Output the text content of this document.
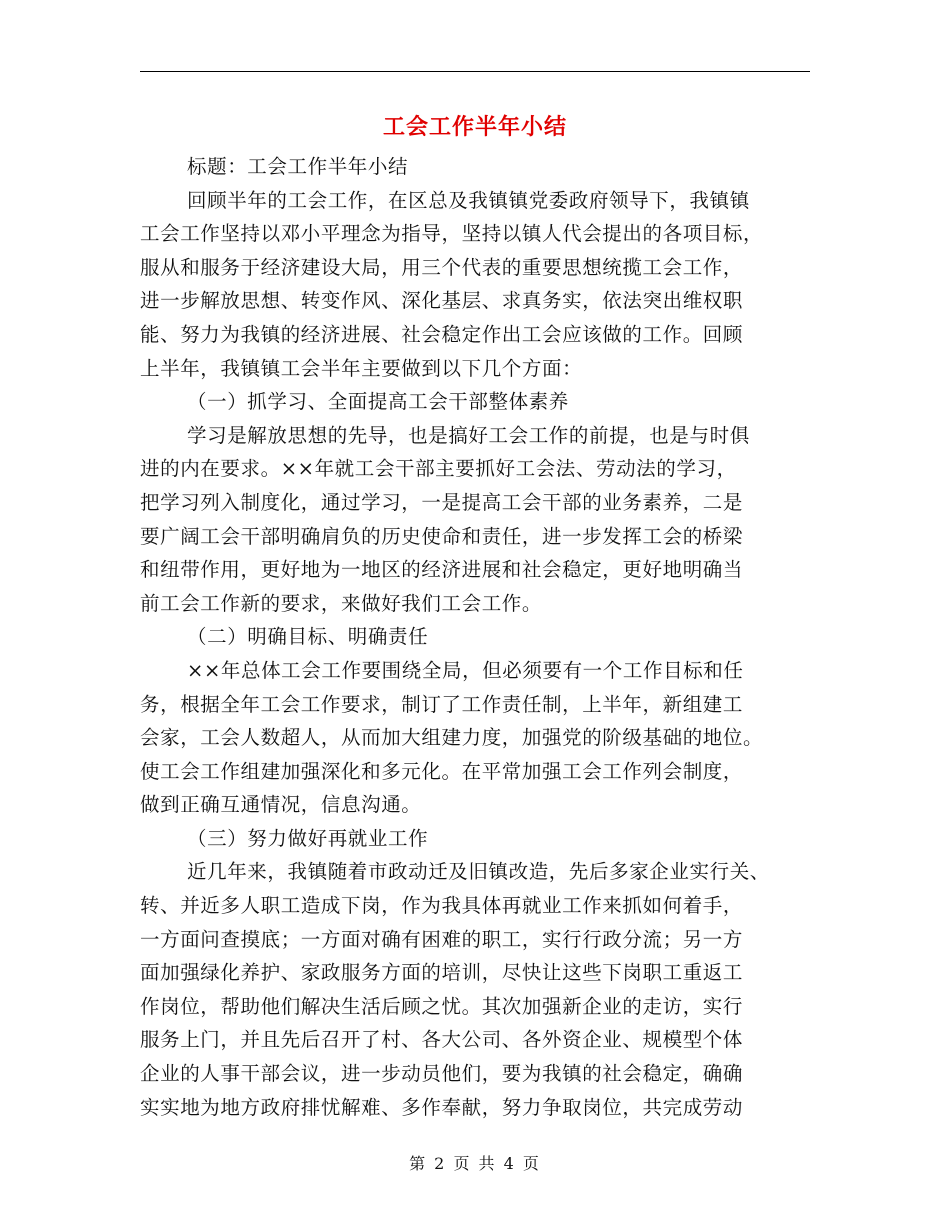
工会工作半年小结
标题：工会工作半年小结
回顾半年的工会工作，在区总及我镇镇党委政府领导下，我镇镇
工会工作坚持以邓小平理念为指导，坚持以镇人代会提出的各项目标，
服从和服务于经济建设大局，用三个代表的重要思想统揽工会工作，
进一步解放思想、转变作风、深化基层、求真务实，依法突出维权职
能、努力为我镇的经济进展、社会稳定作出工会应该做的工作。回顾
上半年，我镇镇工会半年主要做到以下几个方面：
（一）抓学习、全面提高工会干部整体素养
学习是解放思想的先导，也是搞好工会工作的前提，也是与时俱
进的内在要求。××年就工会干部主要抓好工会法、劳动法的学习，
把学习列入制度化，通过学习，一是提高工会干部的业务素养，二是
要广阔工会干部明确肩负的历史使命和责任，进一步发挥工会的桥梁
和纽带作用，更好地为一地区的经济进展和社会稳定，更好地明确当
前工会工作新的要求，来做好我们工会工作。
（二）明确目标、明确责任
××年总体工会工作要围绕全局，但必须要有一个工作目标和任
务，根据全年工会工作要求，制订了工作责任制，上半年，新组建工
会家，工会人数超人，从而加大组建力度，加强党的阶级基础的地位。
使工会工作组建加强深化和多元化。在平常加强工会工作列会制度，
做到正确互通情况，信息沟通。
（三）努力做好再就业工作
近几年来，我镇随着市政动迁及旧镇改造，先后多家企业实行关、
转、并近多人职工造成下岗，作为我具体再就业工作来抓如何着手，
一方面问查摸底；一方面对确有困难的职工，实行行政分流；另一方
面加强绿化养护、家政服务方面的培训，尽快让这些下岗职工重返工
作岗位，帮助他们解决生活后顾之忧。其次加强新企业的走访，实行
服务上门，并且先后召开了村、各大公司、各外资企业、规模型个体
企业的人事干部会议，进一步动员他们，要为我镇的社会稳定，确确
实实地为地方政府排忧解难、多作奉献，努力争取岗位，共完成劳动
第 2 页 共 4 页
